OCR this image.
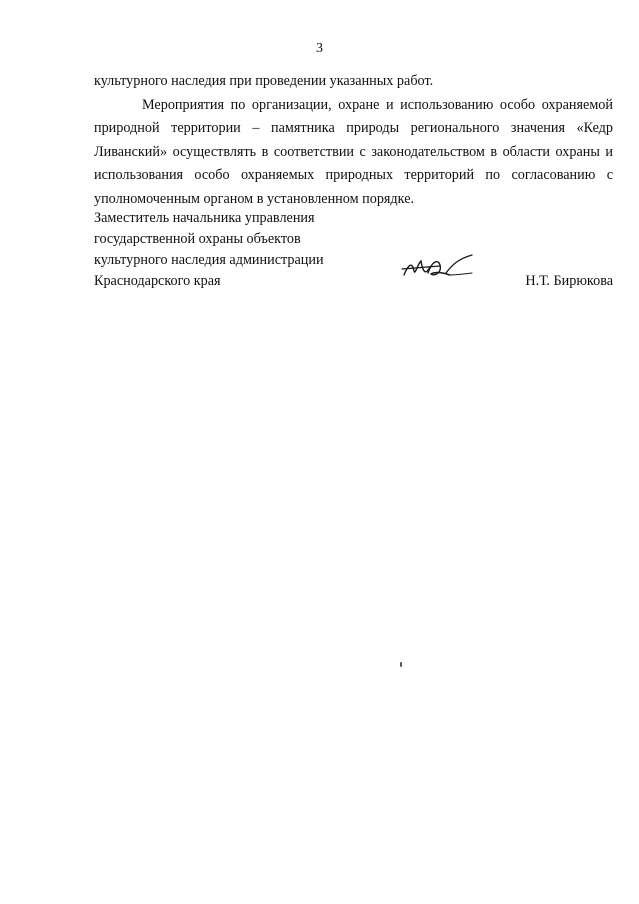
3

культурного наследия при проведении указанных работ.

Мероприятия по организации, охране и использованию особо охраняемой природной территории – памятника природы регионального значения «Кедр Ливанский» осуществлять в соответствии с законодательством в области охраны и использования особо охраняемых природных территорий по согласованию с уполномоченным органом в установленном порядке.

Заместитель начальника управления
государственной охраны объектов
культурного наследия администрации
Краснодарского края	Н.Т. Бирюкова
